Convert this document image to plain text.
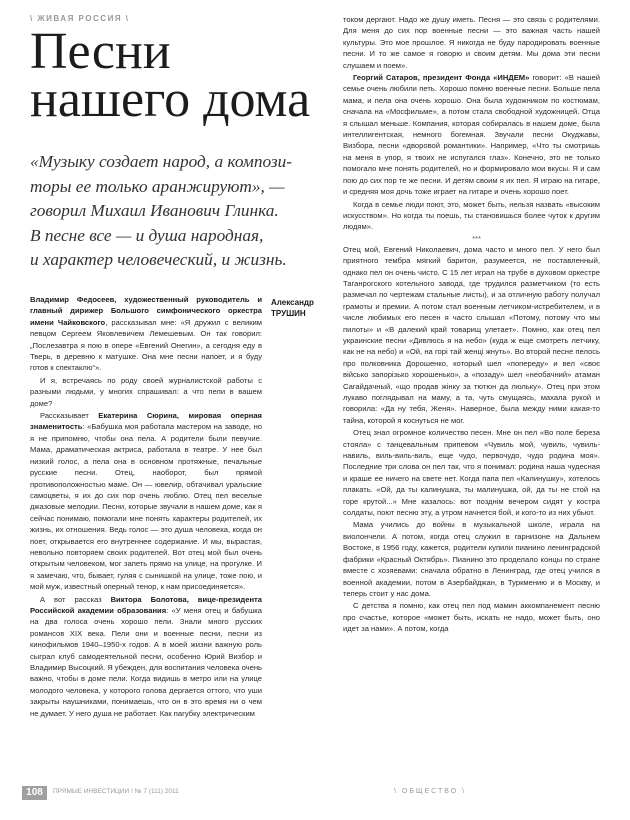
\ ЖИВАЯ РОССИЯ \
Песни
нашего дома
«Музыку создает народ, а компози-
торы ее только аранжируют», —
говорил Михаил Иванович Глинка.
В песне все — и душа народная,
и характер человеческий, и жизнь.
Александр ТРУШИН

Владимир Федосеев, художественный руководитель и главный дирижер Большого симфонического оркестра имени Чайковского, рассказывал мне: «Я дружил с великим певцом Сергеем Яковлевичем Лемешевым. Он так говорил: „Послезавтра я пою в опере «Евгений Онегин», а сегодня еду в Тверь, в деревню к матушке. Она мне песни напоет, и я буду готов к спектаклю“».

И я, встречаясь по роду своей журналистской работы с разными людьми, у многих спрашивал: а что пели в вашем доме?

Рассказывает Екатерина Сюрина, мировая оперная знаменитость: «Бабушка моя работала мастером на заводе, но я не припомню, чтобы она пела. А родители были певучие. Мама, драматическая актриса, работала в театре. У нее был низкий голос, а пела она в основном протяжные, печальные русские песни. Отец, наоборот, был прямой противоположностью маме. Он — ювелир, обтачивал уральские самоцветы, я их до сих пор очень люблю. Отец пел веселые джазовые мелодии. Песни, которые звучали в нашем доме, как я сейчас понимаю, помогали мне понять характеры родителей, их жизнь, их отношения. Ведь голос — это душа человека, когда он поет, открывается его внутреннее содержание. И мы, вырастая, невольно повторяем своих родителей. Вот отец мой был очень открытым человеком, мог запеть прямо на улице, на прогулке. И я замечаю, что, бывает, гуляя с сынишкой на улице, тоже пою, и мой муж, известный оперный тенор, к нам присоединяется».

А вот рассказ Виктора Болотова, вице-президента Российской академии образования: «У меня отец и бабушка на два голоса очень хорошо пели. Знали много русских романсов XIX века. Пели они и военные песни, песни из кинофильмов 1940–1950-х годов. А в моей жизни важную роль сыграл клуб самодеятельной песни, особенно Юрий Визбор и Владимир Высоцкий. Я убежден, для воспитания человека очень важно, чтобы в доме пели. Когда видишь в метро или на улице молодого человека, у которого голова дергается оттого, что уши закрыты наушниками, понимаешь, что он в это время ни о чем не думает. У него душа не работает. Как пагубку электрическим

током дергают. Надо же душу иметь. Песня — это связь с родителями. Для меня до сих пор военные песни — это важная часть нашей культуры. Это мое прошлое. Я никогда не буду пародировать военные песни. И то же самое я говорю и своим детям. Мы дома эти песни слушаем и поем».

Георгий Сатаров, президент Фонда «ИНДЕМ» говорит: «В нашей семье очень любили петь. Хорошо помню военные песни. Больше пела мама, и пела она очень хорошо. Она была художником по костюмам, сначала на «Мосфильме», а потом стала свободной художницей. Отца я слышал меньше. Компания, которая собиралась в нашем доме, была интеллигентская, немного богемная. Звучали песни Окуджавы, Визбора, песни «дворовой романтики». Например, «Что ты смотришь на меня в упор, я твоих не испугался глаз». Конечно, это не только помогало мне понять родителей, но и формировало мои вкусы. Я и сам пою до сих пор те же песни. И детям своим я их пел. Я играю на гитаре, и средняя моя дочь тоже играет на гитаре и очень хорошо поет.

Когда в семье люди поют, это, может быть, нельзя назвать «высоким искусством». Но когда ты поешь, ты становишься более чуток к другим людям».

***

Отец мой, Евгений Николаевич, дома часто и много пел. У него был приятного тембра мягкий баритон, разумеется, не поставленный, однако пел он очень чисто. С 15 лет играл на трубе в духовом оркестре Таганрогского котельного завода, где трудился разметчиком (то есть размечал по чертежам стальные листы), и за отличную работу получал грамоты и премии. А потом стал военным летчиком-истребителем, и в числе любимых его песен я часто слышал «Потому, потому что мы пилоты» и «В далекий край товарищ улетает». Помню, как отец пел украинские песни «Дивлюсь я на небо» (куда ж еще смотреть летчику, как не на небо) и «Ой, на горі тай женці жнуть». Во второй песне пелось про полковника Дорошенко, который шел «попереду» и вел «своє військо запорізько хорошенько», а «позаду» шел «необачний» атаман Сагайдачный, «що продав жінку за тютюн да люльку». Отец при этом лукаво поглядывал на маму, а та, чуть смущаясь, махала рукой и говорила: «Да ну тебя, Женя». Наверное, была между ними какая-то тайна, которой я коснуться не мог.

Отец знал огромное количество песен. Мне он пел «Во поле береза стояла» с танцевальным припевом «Чувиль мой, чувиль, чувиль-навиль, виль-виль-виль, еще чудо, первочудо, чудо родина моя». Последние три слова он пел так, что я понимал: родина наша чудесная и краше ее ничего на свете нет. Когда папа пел «Калинушку», хотелось плакать. «Ой, да ты калинушка, ты малинушка, ой, да ты не стой на горе крутой...» Мне казалось: вот позднім вечером сидят у костра солдаты, поют песню эту, а утром начнется бой, и кого-то из них убьют.

Мама учились до войны в музыкальной школе, играла на виолончели. А потом, когда отец служил в гарнизоне на Дальнем Востоке, в 1956 году, кажется, родители купили пианино ленинградской фабрики «Красный Октябрь». Пианино это проделало концы по стране вместе с хозяевами: сначала обратно в Ленинград, где отец учился в военной академии, потом в Азербайджан, в Туркмению и в Москву, и теперь стоит у нас дома.

С детства я помню, как отец пел под мамин аккомпанемент песню про счастье, которое «может быть, искать не надо, может быть, оно идет за нами». А потом, когда

108	ПРЯМЫЕ ИНВЕСТИЦИИ / № 7 (111) 2011	\ ОБЩЕСТВО \
